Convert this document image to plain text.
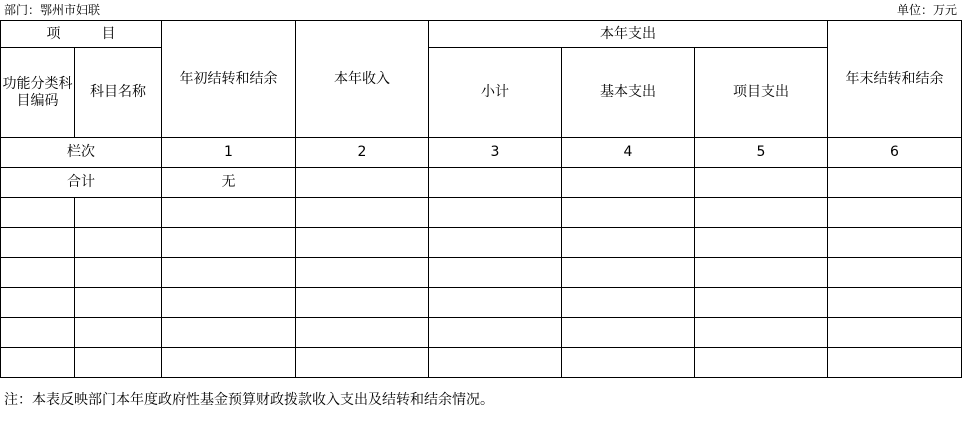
部门：鄂州市妇联	单位：万元
项 目		年初结转和结余	本年收入	本年支出			年末结转和结余
功能分类科目编码	科目名称			小计	基本支出	项目支出	
栏次		1	2	3	4	5	6
合计		无					

注：本表反映部门本年度政府性基金预算财政拨款收入支出及结转和结余情况。
